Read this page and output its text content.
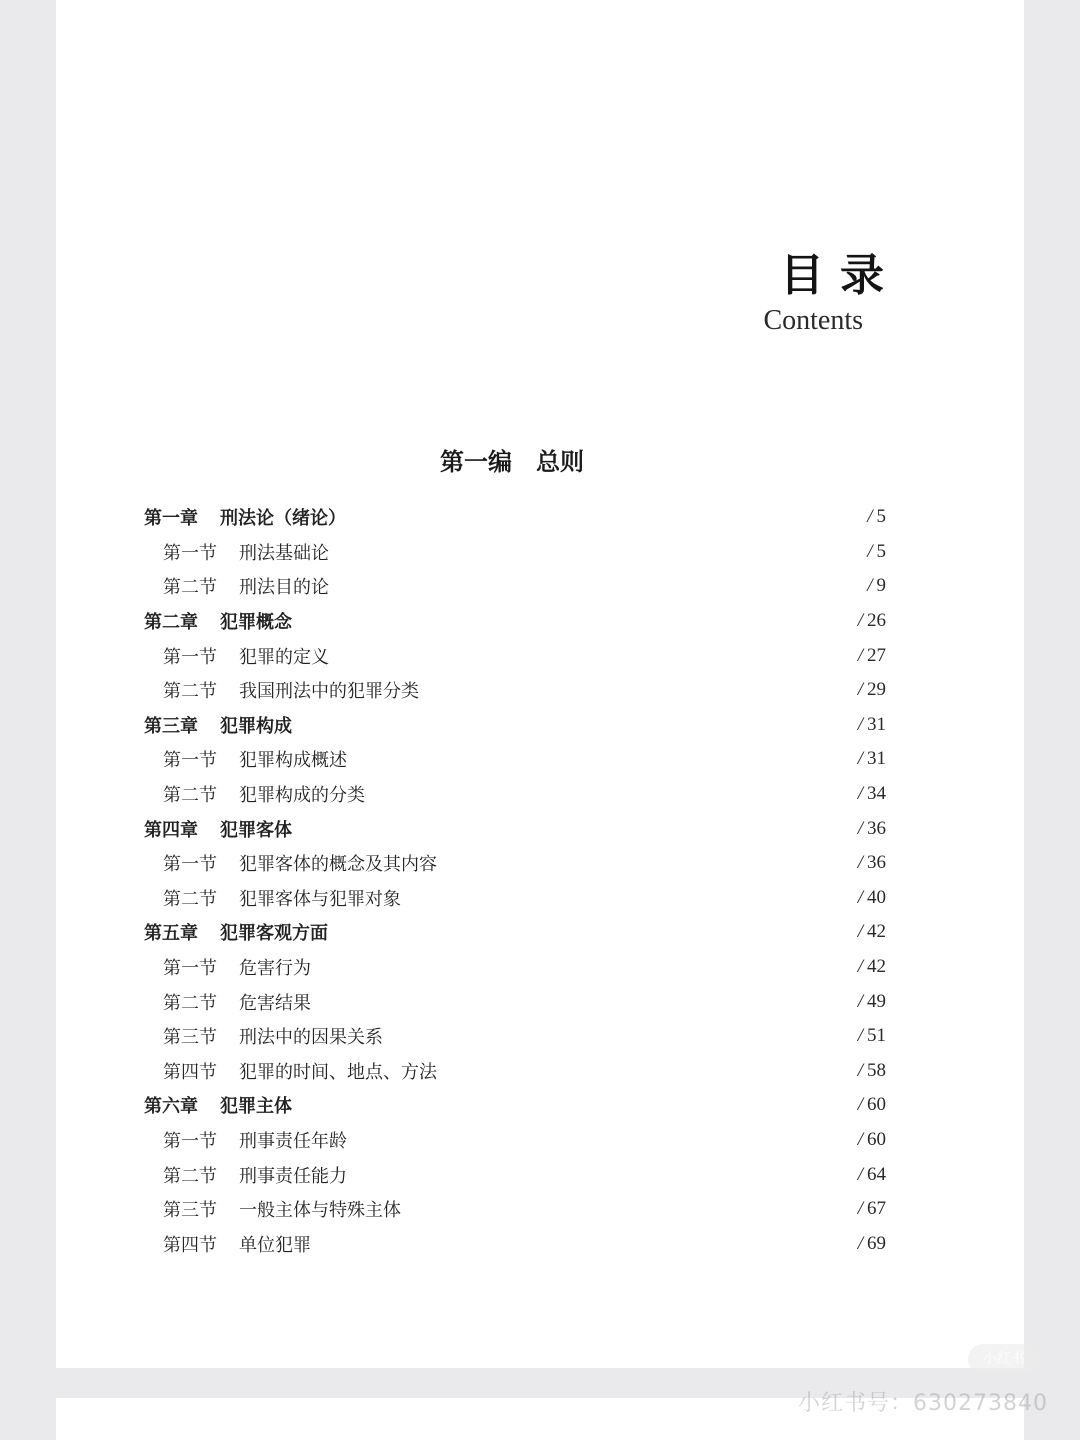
目录
Contents
第一编 总则
第一章	刑法论（绪论）	/ 5
第一节	刑法基础论	/ 5
第二节	刑法目的论	/ 9
第二章	犯罪概念	/ 26
第一节	犯罪的定义	/ 27
第二节	我国刑法中的犯罪分类	/ 29
第三章	犯罪构成	/ 31
第一节	犯罪构成概述	/ 31
第二节	犯罪构成的分类	/ 34
第四章	犯罪客体	/ 36
第一节	犯罪客体的概念及其内容	/ 36
第二节	犯罪客体与犯罪对象	/ 40
第五章	犯罪客观方面	/ 42
第一节	危害行为	/ 42
第二节	危害结果	/ 49
第三节	刑法中的因果关系	/ 51
第四节	犯罪的时间、地点、方法	/ 58
第六章	犯罪主体	/ 60
第一节	刑事责任年龄	/ 60
第二节	刑事责任能力	/ 64
第三节	一般主体与特殊主体	/ 67
第四节	单位犯罪	/ 69
小红书
小红书号：630273840
